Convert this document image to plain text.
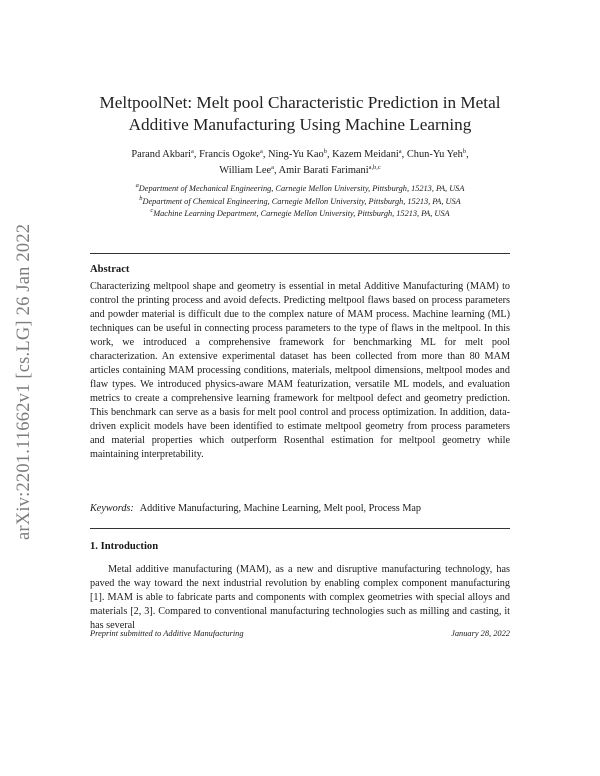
arXiv:2201.11662v1 [cs.LG] 26 Jan 2022
MeltpoolNet: Melt pool Characteristic Prediction in Metal
Additive Manufacturing Using Machine Learning
Parand Akbari$^a$, Francis Ogoke$^a$, Ning-Yu Kao$^b$, Kazem Meidani$^a$, Chun-Yu Yeh$^b$,
William Lee$^a$, Amir Barati Farimani$^{a,b,c}$
$^a$Department of Mechanical Engineering, Carnegie Mellon University, Pittsburgh, 15213, PA, USA
$^b$Department of Chemical Engineering, Carnegie Mellon University, Pittsburgh, 15213, PA, USA
$^c$Machine Learning Department, Carnegie Mellon University, Pittsburgh, 15213, PA, USA
Abstract
Characterizing meltpool shape and geometry is essential in metal Additive Manufacturing (MAM) to control the printing process and avoid defects. Predicting meltpool flaws based on process parameters and powder material is difficult due to the complex nature of MAM process. Machine learning (ML) techniques can be useful in connecting process parameters to the type of flaws in the meltpool. In this work, we introduced a comprehensive framework for benchmarking ML for melt pool characterization. An extensive experimental dataset has been collected from more than 80 MAM articles containing MAM processing conditions, materials, meltpool dimensions, meltpool modes and flaw types. We introduced physics-aware MAM featurization, versatile ML models, and evaluation metrics to create a comprehensive learning framework for meltpool defect and geometry prediction. This benchmark can serve as a basis for melt pool control and process optimization. In addition, data-driven explicit models have been identified to estimate meltpool geometry from process parameters and material properties which outperform Rosenthal estimation for meltpool geometry while maintaining interpretability.
Keywords: Additive Manufacturing, Machine Learning, Melt pool, Process Map
1. Introduction
Metal additive manufacturing (MAM), as a new and disruptive manufacturing technology, has paved the way toward the next industrial revolution by enabling complex component manufacturing [1]. MAM is able to fabricate parts and components with complex geometries with special alloys and materials [2, 3]. Compared to conventional manufacturing technologies such as milling and casting, it has several
Preprint submitted to Additive Manufacturing	January 28, 2022
